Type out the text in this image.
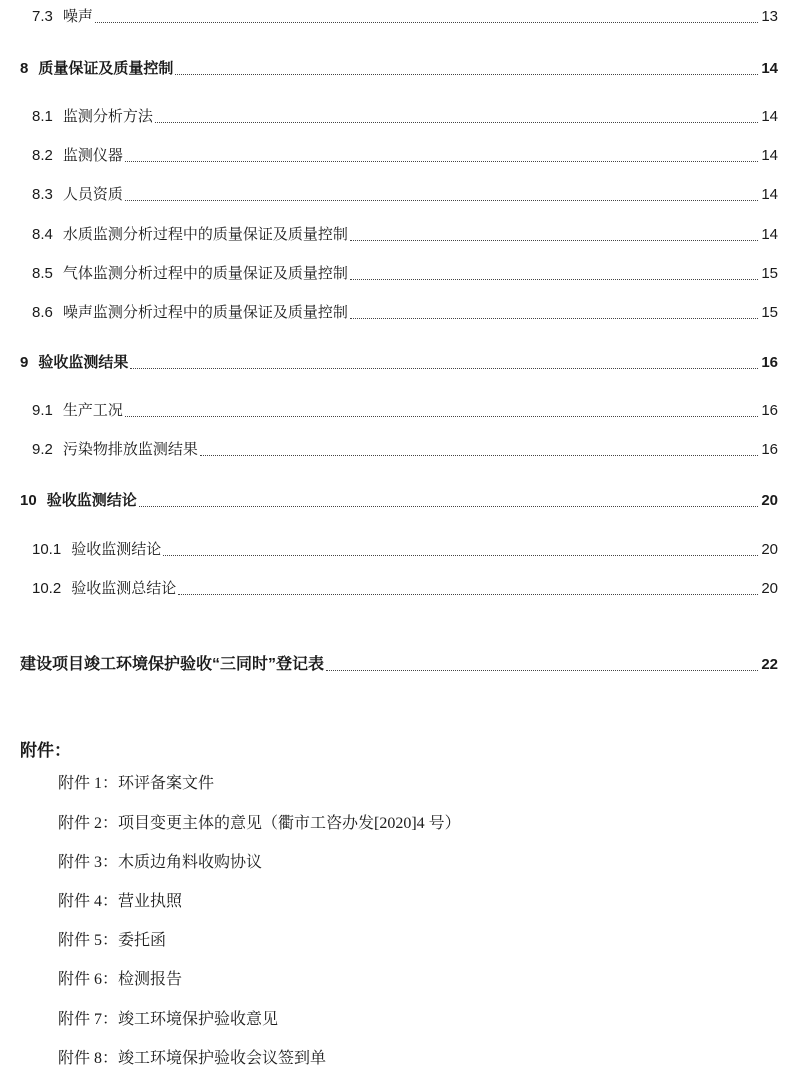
7.3 噪声	13
8 质量保证及质量控制	14
8.1 监测分析方法	14
8.2 监测仪器	14
8.3 人员资质	14
8.4 水质监测分析过程中的质量保证及质量控制	14
8.5 气体监测分析过程中的质量保证及质量控制	15
8.6 噪声监测分析过程中的质量保证及质量控制	15
9 验收监测结果	16
9.1 生产工况	16
9.2 污染物排放监测结果	16
10 验收监测结论	20
10.1 验收监测结论	20
10.2 验收监测总结论	20
建设项目竣工环境保护验收“三同时”登记表	22
附件：
附件 1：环评备案文件
附件 2：项目变更主体的意见（衢市工咨办发[2020]4 号）
附件 3：木质边角料收购协议
附件 4：营业执照
附件 5：委托函
附件 6：检测报告
附件 7：竣工环境保护验收意见
附件 8：竣工环境保护验收会议签到单
